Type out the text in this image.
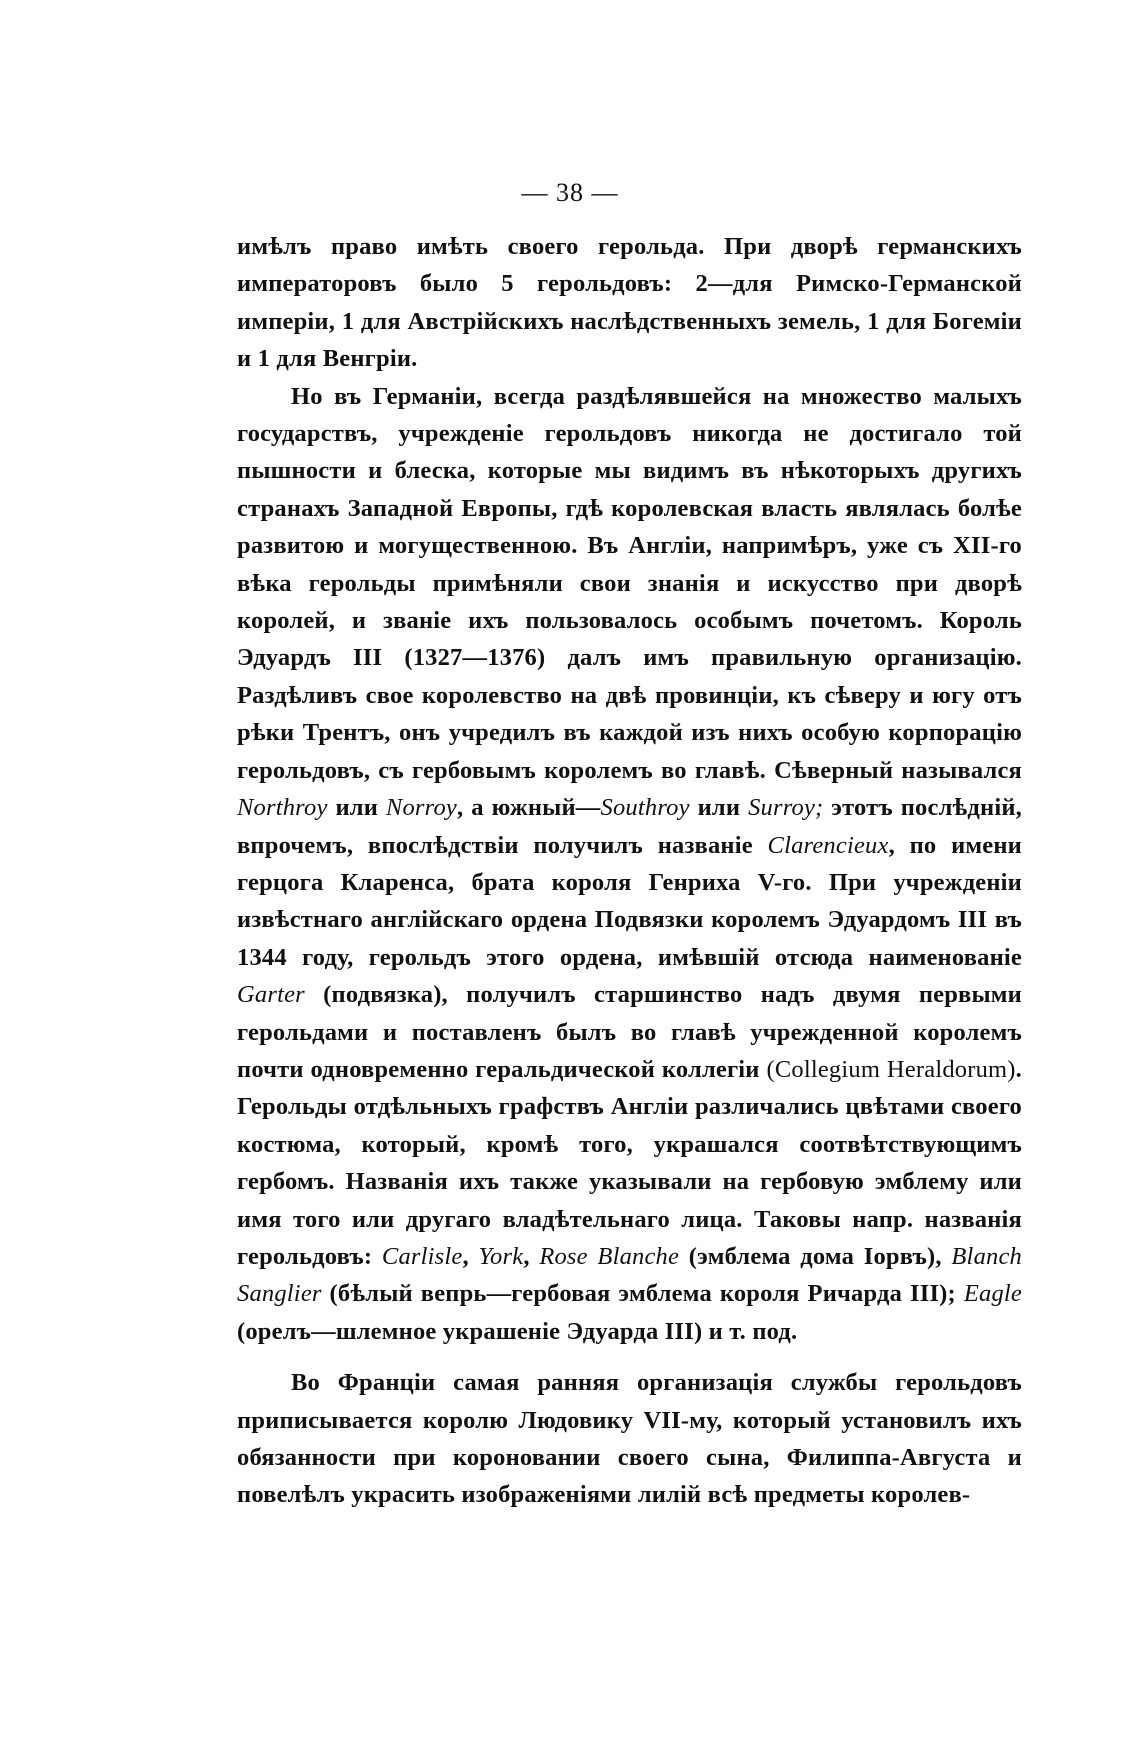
— 38 —

имѣлъ право имѣть своего герольда. При дворѣ германскихъ императоровъ было 5 герольдовъ: 2—для Римско-Германской имперіи, 1 для Австрійскихъ наслѣдственныхъ земель, 1 для Богеміи и 1 для Венгріи.

Но въ Германіи, всегда раздѣлявшейся на множество малыхъ государствъ, учрежденіе герольдовъ никогда не достигало той пышности и блеска, которые мы видимъ въ нѣкоторыхъ другихъ странахъ Западной Европы, гдѣ королевская власть являлась болѣе развитою и могущественною. Въ Англіи, напримѣръ, уже съ XII-го вѣка герольды примѣняли свои знанія и искусство при дворѣ королей, и званіе ихъ пользовалось особымъ почетомъ. Король Эдуардъ III (1327—1376) далъ имъ правильную организацію. Раздѣливъ свое королевство на двѣ провинціи, къ сѣверу и югу отъ рѣки Трентъ, онъ учредилъ въ каждой изъ нихъ особую корпорацію герольдовъ, съ гербовымъ королемъ во главѣ. Сѣверный назывался Northroy или Norroy, а южный—Southroy или Surroy; этотъ послѣдній, впрочемъ, впослѣдствіи получилъ названіе Clarencieux, по имени герцога Кларенса, брата короля Генриха V-го. При учрежденіи извѣстнаго англійскаго ордена Подвязки королемъ Эдуардомъ III въ 1344 году, герольдъ этого ордена, имѣвшій отсюда наименованіе Garter (подвязка), получилъ старшинство надъ двумя первыми герольдами и поставленъ былъ во главѣ учрежденной королемъ почти одновременно геральдической коллегіи (Collegium Heraldorum). Герольды отдѣльныхъ графствъ Англіи различались цвѣтами своего костюма, который, кромѣ того, украшался соотвѣтствующимъ гербомъ. Названія ихъ также указывали на гербовую эмблему или имя того или другаго владѣтельнаго лица. Таковы напр. названія герольдовъ: Carlisle, York, Rose Blanche (эмблема дома Іорвъ), Blanch Sanglier (бѣлый вепрь—гербовая эмблема короля Ричарда III); Eagle (орелъ—шлемное украшеніе Эдуарда III) и т. под.

Во Франціи самая ранняя организація службы герольдовъ приписывается королю Людовику VII-му, который установилъ ихъ обязанности при короновании своего сына, Филиппа-Августа и повелѣлъ украсить изображеніями лилій всѣ предметы королев-
